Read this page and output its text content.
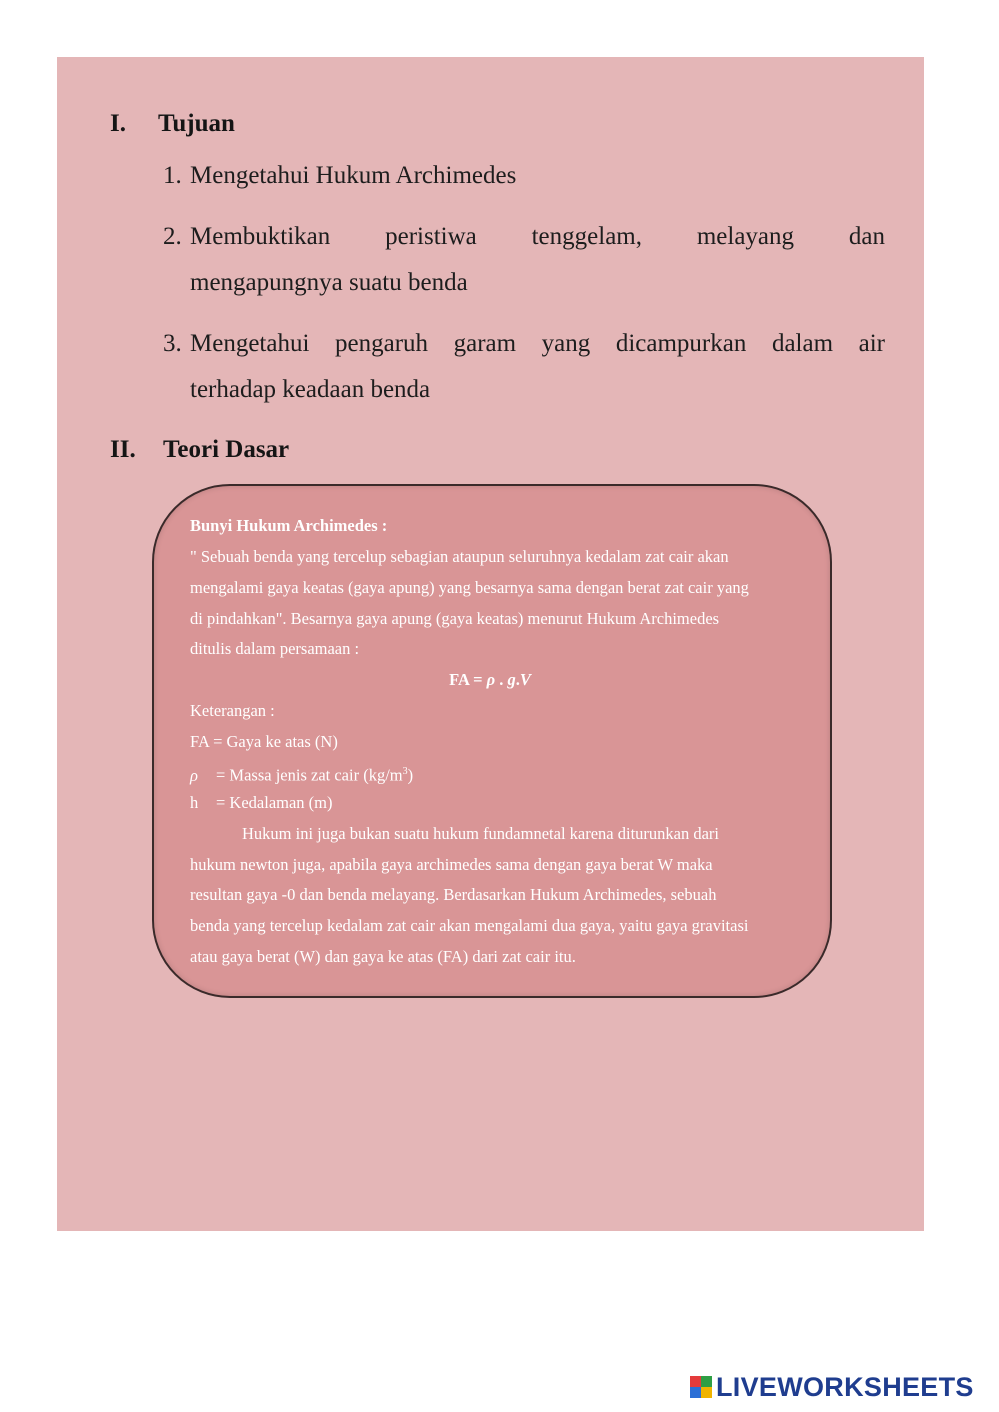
I. Tujuan
1. Mengetahui Hukum Archimedes
2. Membuktikan peristiwa tenggelam, melayang dan
mengapungnya suatu benda
3. Mengetahui pengaruh garam yang dicampurkan dalam air
terhadap keadaan benda
II. Teori Dasar
Bunyi Hukum Archimedes :
" Sebuah benda yang tercelup sebagian ataupun seluruhnya kedalam zat cair akan
mengalami gaya keatas (gaya apung) yang besarnya sama dengan berat zat cair yang
di pindahkan". Besarnya gaya apung (gaya keatas) menurut Hukum Archimedes
ditulis dalam persamaan :
FA = ρ . g.V
Keterangan :
FA = Gaya ke atas (N)
ρ = Massa jenis zat cair $(kg/m^3)$
h = Kedalaman (m)
Hukum ini juga bukan suatu hukum fundamnetal karena diturunkan dari
hukum newton juga, apabila gaya archimedes sama dengan gaya berat W maka
resultan gaya -0 dan benda melayang. Berdasarkan Hukum Archimedes, sebuah
benda yang tercelup kedalam zat cair akan mengalami dua gaya, yaitu gaya gravitasi
atau gaya berat (W) dan gaya ke atas (FA) dari zat cair itu.
LIVEWORKSHEETS
